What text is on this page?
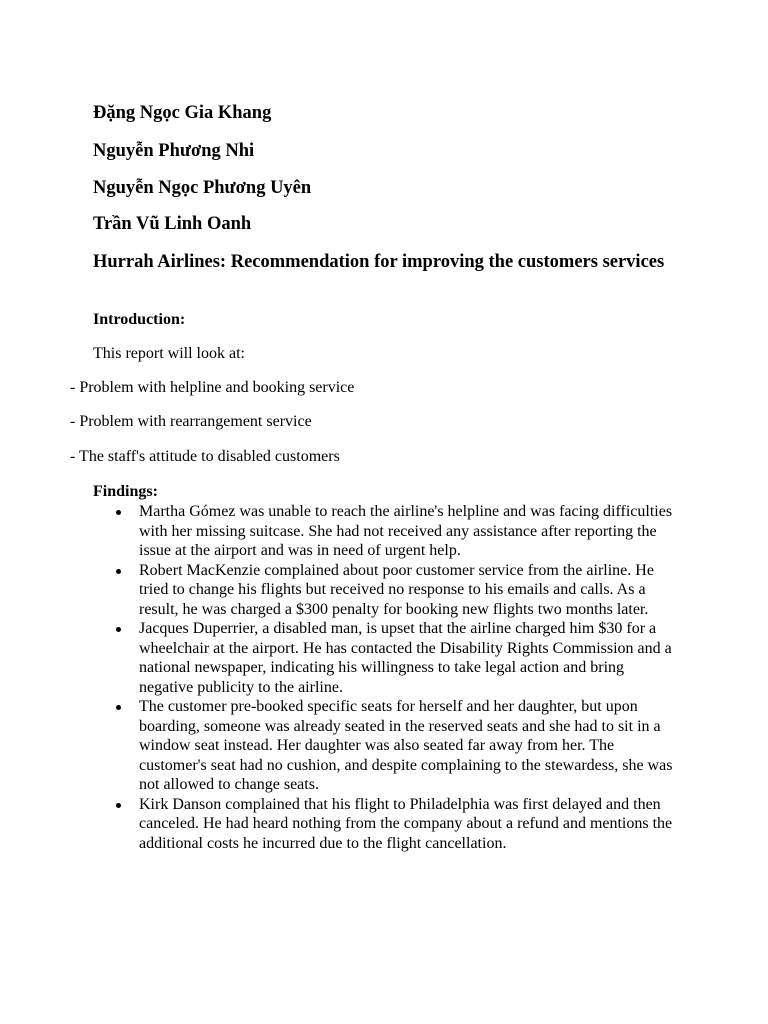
Đặng Ngọc Gia Khang
Nguyễn Phương Nhi
Nguyễn Ngọc Phương Uyên
Trần Vũ Linh Oanh
Hurrah Airlines: Recommendation for improving the customers services
Introduction:
This report will look at:
- Problem with helpline and booking service
- Problem with rearrangement service
- The staff's attitude to disabled customers
Findings:
Martha Gómez was unable to reach the airline's helpline and was facing difficulties with her missing suitcase. She had not received any assistance after reporting the issue at the airport and was in need of urgent help.
Robert MacKenzie complained about poor customer service from the airline. He tried to change his flights but received no response to his emails and calls. As a result, he was charged a $300 penalty for booking new flights two months later.
Jacques Duperrier, a disabled man, is upset that the airline charged him $30 for a wheelchair at the airport. He has contacted the Disability Rights Commission and a national newspaper, indicating his willingness to take legal action and bring negative publicity to the airline.
The customer pre-booked specific seats for herself and her daughter, but upon boarding, someone was already seated in the reserved seats and she had to sit in a window seat instead. Her daughter was also seated far away from her. The customer's seat had no cushion, and despite complaining to the stewardess, she was not allowed to change seats.
Kirk Danson complained that his flight to Philadelphia was first delayed and then canceled. He had heard nothing from the company about a refund and mentions the additional costs he incurred due to the flight cancellation.
